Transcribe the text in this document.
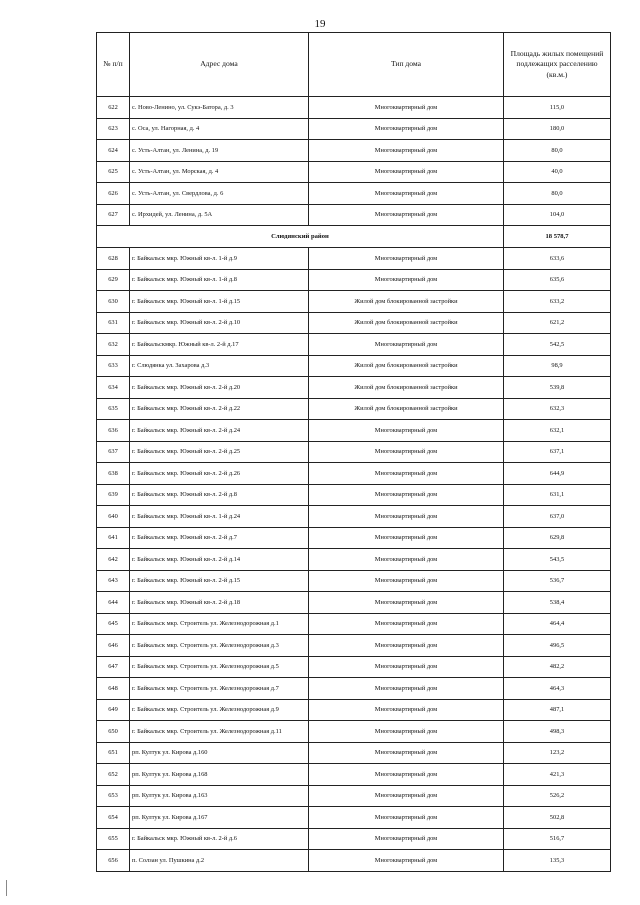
19
№ п/п	Адрес дома	Тип дома	Площадь жилых помещений подлежащих расселению (кв.м.)
622	с. Ново-Ленино, ул. Сукэ-Батора, д. 3	Многоквартирный дом	115,0
623	с. Оса, ул. Нагорная, д. 4	Многоквартирный дом	180,0
624	с. Усть-Алтан, ул. Ленина, д. 19	Многоквартирный дом	80,0
625	с. Усть-Алтан, ул. Морская, д. 4	Многоквартирный дом	40,0
626	с. Усть-Алтан, ул. Свердлова, д. 6	Многоквартирный дом	80,0
627	с. Ирхидей, ул. Ленина, д. 5А	Многоквартирный дом	104,0
Слюдянский район			18 578,7
628	г. Байкальск мкр. Южный кв-л. 1-й д.9	Многоквартирный дом	633,6
629	г. Байкальск мкр. Южный кв-л. 1-й д.8	Многоквартирный дом	635,6
630	г. Байкальск мкр. Южный кв-л. 1-й д.15	Жилой дом блокированной застройки	633,2
631	г. Байкальск мкр. Южный кв-л. 2-й д.10	Жилой дом блокированной застройки	621,2
632	г. Байкальскмкр. Южный кв-л. 2-й д.17	Многоквартирный дом	542,5
633	г. Слюдянка ул. Захарова д.3	Жилой дом блокированной застройки	98,9
634	г. Байкальск мкр. Южный кв-л. 2-й д.20	Жилой дом блокированной застройки	539,8
635	г. Байкальск мкр. Южный кв-л. 2-й д.22	Жилой дом блокированной застройки	632,3
636	г. Байкальск мкр. Южный кв-л. 2-й д.24	Многоквартирный дом	632,1
637	г. Байкальск мкр. Южный кв-л. 2-й д.25	Многоквартирный дом	637,1
638	г. Байкальск мкр. Южный кв-л. 2-й д.26	Многоквартирный дом	644,9
639	г. Байкальск мкр. Южный кв-л. 2-й д.8	Многоквартирный дом	631,1
640	г. Байкальск мкр. Южный кв-л. 1-й д.24	Многоквартирный дом	637,0
641	г. Байкальск мкр. Южный кв-л. 2-й д.7	Многоквартирный дом	629,8
642	г. Байкальск мкр. Южный кв-л. 2-й д.14	Многоквартирный дом	543,5
643	г. Байкальск мкр. Южный кв-л. 2-й д.15	Многоквартирный дом	536,7
644	г. Байкальск мкр. Южный кв-л. 2-й д.18	Многоквартирный дом	538,4
645	г. Байкальск мкр. Строитель ул. Железнодорожная д.1	Многоквартирный дом	464,4
646	г. Байкальск мкр. Строитель ул. Железнодорожная д.3	Многоквартирный дом	496,5
647	г. Байкальск мкр. Строитель ул. Железнодорожная д.5	Многоквартирный дом	482,2
648	г. Байкальск мкр. Строитель ул. Железнодорожная д.7	Многоквартирный дом	464,3
649	г. Байкальск мкр. Строитель ул. Железнодорожная д.9	Многоквартирный дом	487,1
650	г. Байкальск мкр. Строитель ул. Железнодорожная д.11	Многоквартирный дом	498,3
651	рп. Култук ул. Кирова д.160	Многоквартирный дом	123,2
652	рп. Култук ул. Кирова д.168	Многоквартирный дом	421,3
653	рп. Култук ул. Кирова д.163	Многоквартирный дом	526,2
654	рп. Култук ул. Кирова д.167	Многоквартирный дом	502,8
655	г. Байкальск мкр. Южный кв-л. 2-й д.6	Многоквартирный дом	516,7
656	п. Солзан ул. Пушкина д.2	Многоквартирный дом	135,3
